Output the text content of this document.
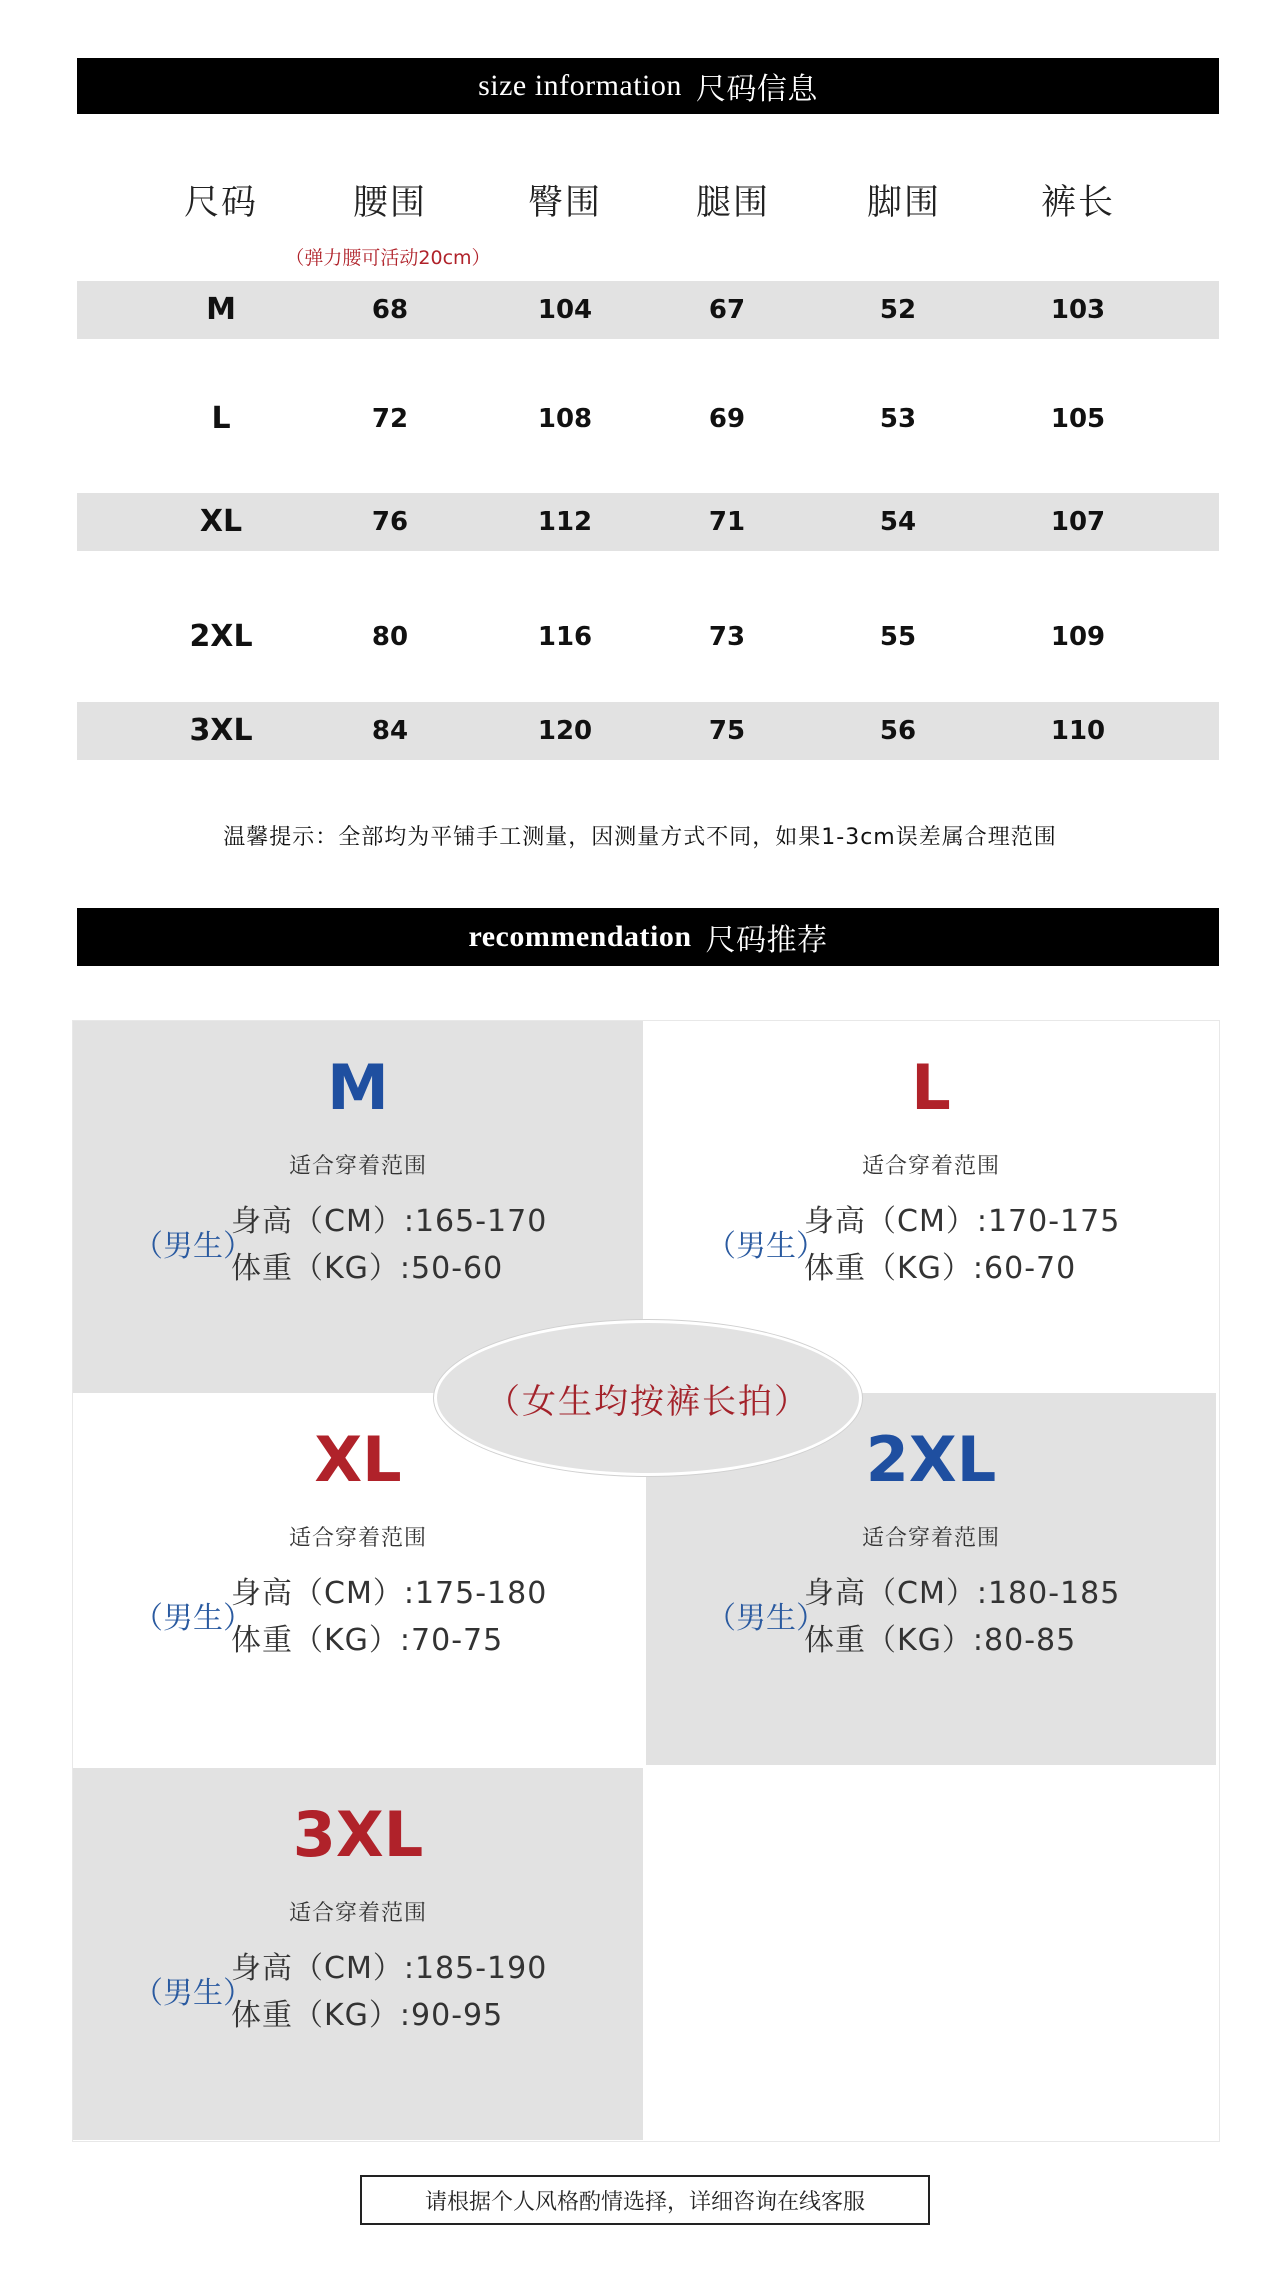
size information 尺码信息
尺码	腰围	臀围	腿围	脚围	裤长
（弹力腰可活动20cm）
M	68	104	67	52	103
L	72	108	69	53	105
XL	76	112	71	54	107
2XL	80	116	73	55	109
3XL	84	120	75	56	110
温馨提示：全部均为平铺手工测量，因测量方式不同，如果1-3cm误差属合理范围
recommendation 尺码推荐
M
适合穿着范围
（男生）
身高（CM）:165-170
体重（KG）:50-60
L
适合穿着范围
（男生）
身高（CM）:170-175
体重（KG）:60-70
XL
适合穿着范围
（男生）
身高（CM）:175-180
体重（KG）:70-75
2XL
适合穿着范围
（男生）
身高（CM）:180-185
体重（KG）:80-85
3XL
适合穿着范围
（男生）
身高（CM）:185-190
体重（KG）:90-95
（女生均按裤长拍）
请根据个人风格酌情选择，详细咨询在线客服
